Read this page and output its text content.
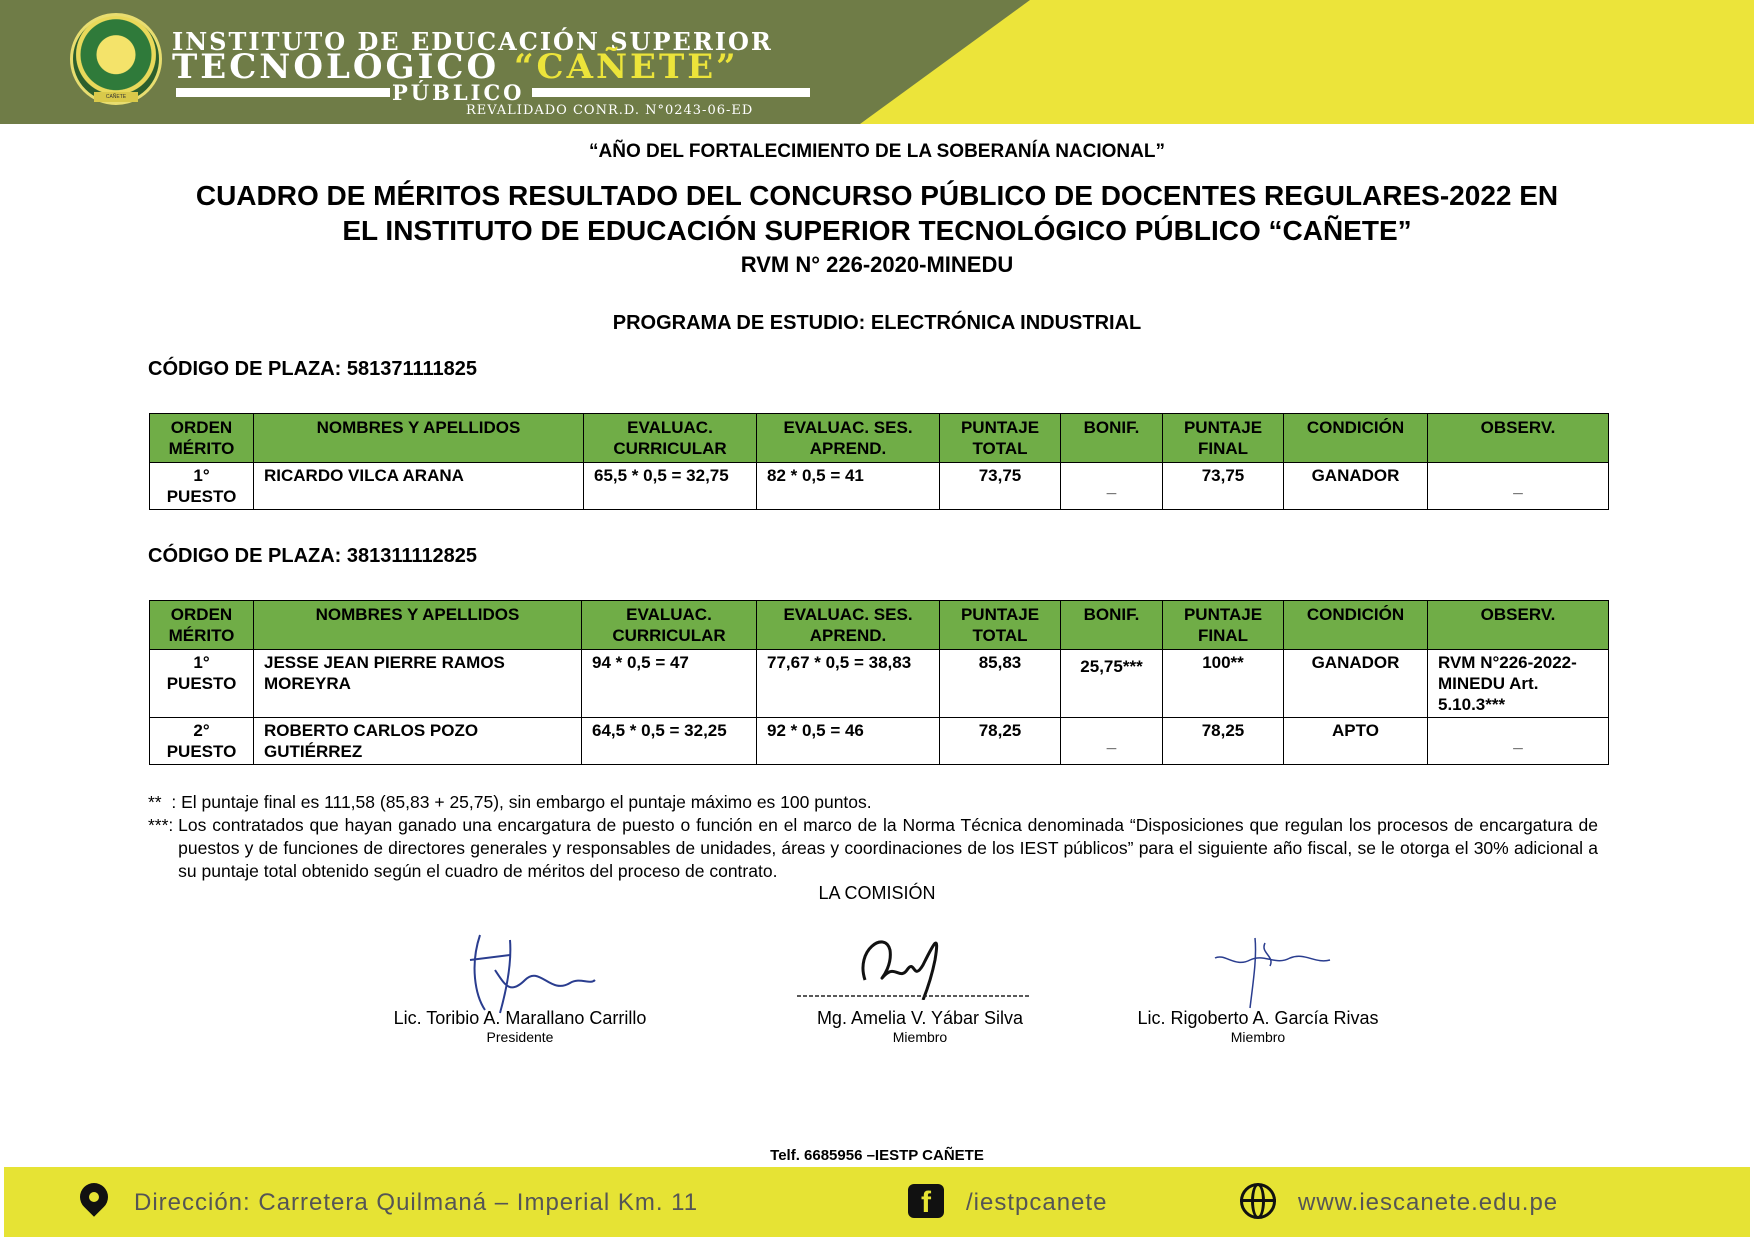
CAÑETE
INSTITUTO DE EDUCACIÓN SUPERIOR
TECNOLÓGICO “CAÑETE”
PÚBLICO
REVALIDADO CONR.D. N°0243-06-ED
“AÑO DEL FORTALECIMIENTO DE LA SOBERANÍA NACIONAL”
CUADRO DE MÉRITOS RESULTADO DEL CONCURSO PÚBLICO DE DOCENTES REGULARES-2022 EN
EL INSTITUTO DE EDUCACIÓN SUPERIOR TECNOLÓGICO PÚBLICO “CAÑETE”
RVM N° 226-2020-MINEDU
PROGRAMA DE ESTUDIO: ELECTRÓNICA INDUSTRIAL
CÓDIGO DE PLAZA: 581371111825
ORDEN MÉRITO	NOMBRES Y APELLIDOS	EVALUAC. CURRICULAR	EVALUAC. SES. APREND.	PUNTAJE TOTAL	BONIF.	PUNTAJE FINAL	CONDICIÓN	OBSERV.
1° PUESTO	RICARDO VILCA ARANA	65,5 * 0,5 = 32,75	82 * 0,5 = 41	73,75	_	73,75	GANADOR	_
CÓDIGO DE PLAZA: 381311112825
ORDEN MÉRITO	NOMBRES Y APELLIDOS	EVALUAC. CURRICULAR	EVALUAC. SES. APREND.	PUNTAJE TOTAL	BONIF.	PUNTAJE FINAL	CONDICIÓN	OBSERV.
1° PUESTO	JESSE JEAN PIERRE RAMOS MOREYRA	94 * 0,5 = 47	77,67 * 0,5 = 38,83	85,83	25,75***	100**	GANADOR	RVM N°226-2022-MINEDU Art. 5.10.3***
2° PUESTO	ROBERTO CARLOS POZO GUTIÉRREZ	64,5 * 0,5 = 32,25	92 * 0,5 = 46	78,25	_	78,25	APTO	_
**  : El puntaje final es 111,58 (85,83 + 25,75), sin embargo el puntaje máximo es 100 puntos.
***: Los contratados que hayan ganado una encargatura de puesto o función en el marco de la Norma Técnica denominada “Disposiciones que regulan los procesos de encargatura de puestos y de funciones de directores generales y responsables de unidades, áreas y coordinaciones de los IEST públicos” para el siguiente año fiscal, se le otorga el 30% adicional a su puntaje total obtenido según el cuadro de méritos del proceso de contrato.
LA COMISIÓN
Lic. Toribio A. Marallano Carrillo
Presidente
Mg. Amelia V. Yábar Silva
Miembro
Lic. Rigoberto A. García Rivas
Miembro
Telf. 6685956 –IESTP CAÑETE
Dirección: Carretera Quilmaná – Imperial Km. 11	f	/iestpcanete	www.iescanete.edu.pe
